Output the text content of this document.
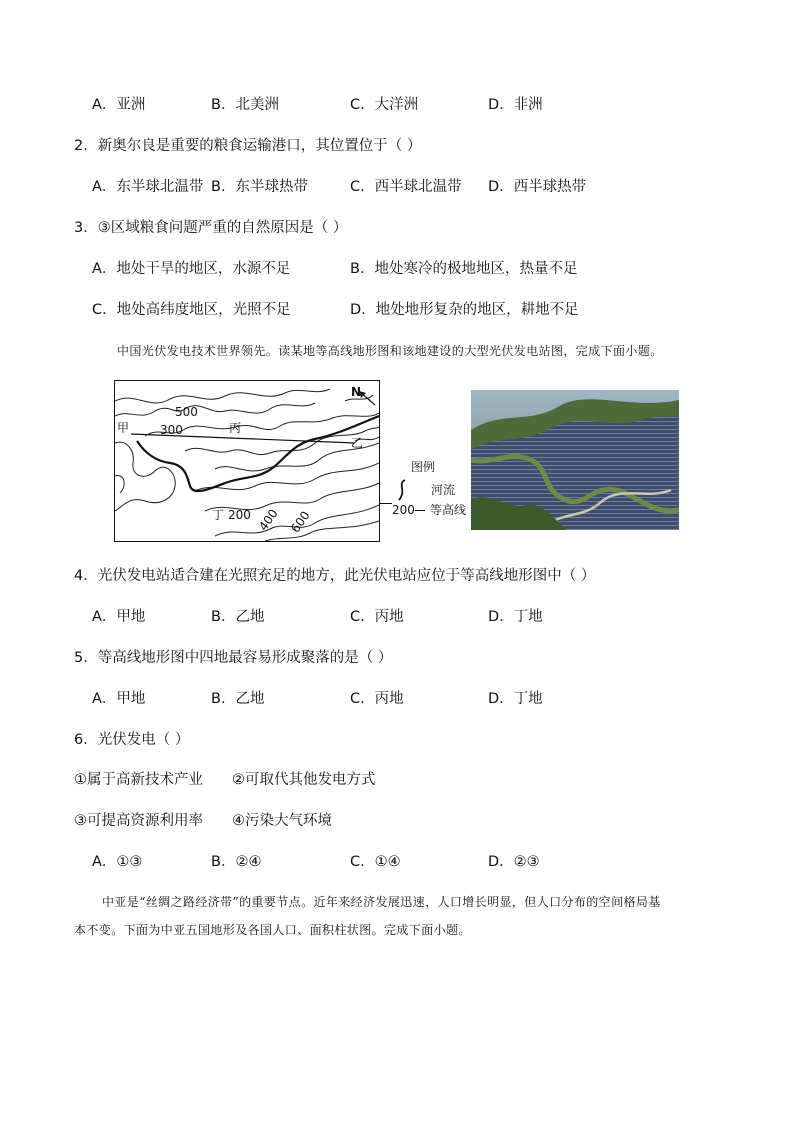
A．亚洲	B．北美洲	C．大洋洲	D．非洲
2．新奥尔良是重要的粮食运输港口，其位置位于（ ）
A．东半球北温带 B．东半球热带	C．西半球北温带 D．西半球热带
3．③区域粮食问题严重的自然原因是（ ）
A．地处干旱的地区，水源不足	B．地处寒冷的极地地区，热量不足
C．地处高纬度地区，光照不足	D．地处地形复杂的地区，耕地不足
中国光伏发电技术世界领先。读某地等高线地形图和该地建设的大型光伏发电站图，完成下面小题。
N
500
300
甲	丙
乙
丁 200 400 600
图例
河流
200 等高线
4．光伏发电站适合建在光照充足的地方，此光伏电站应位于等高线地形图中（ ）
A．甲地	B．乙地	C．丙地	D．丁地
5．等高线地形图中四地最容易形成聚落的是（ ）
A．甲地	B．乙地	C．丙地	D．丁地
6．光伏发电（ ）
①属于高新技术产业 ②可取代其他发电方式
③可提高资源利用率 ④污染大气环境
A．①③	B．②④	C．①④	D．②③
中亚是“丝绸之路经济带”的重要节点。近年来经济发展迅速，人口增长明显，但人口分布的空间格局基
本不变。下面为中亚五国地形及各国人口、面积柱状图。完成下面小题。
